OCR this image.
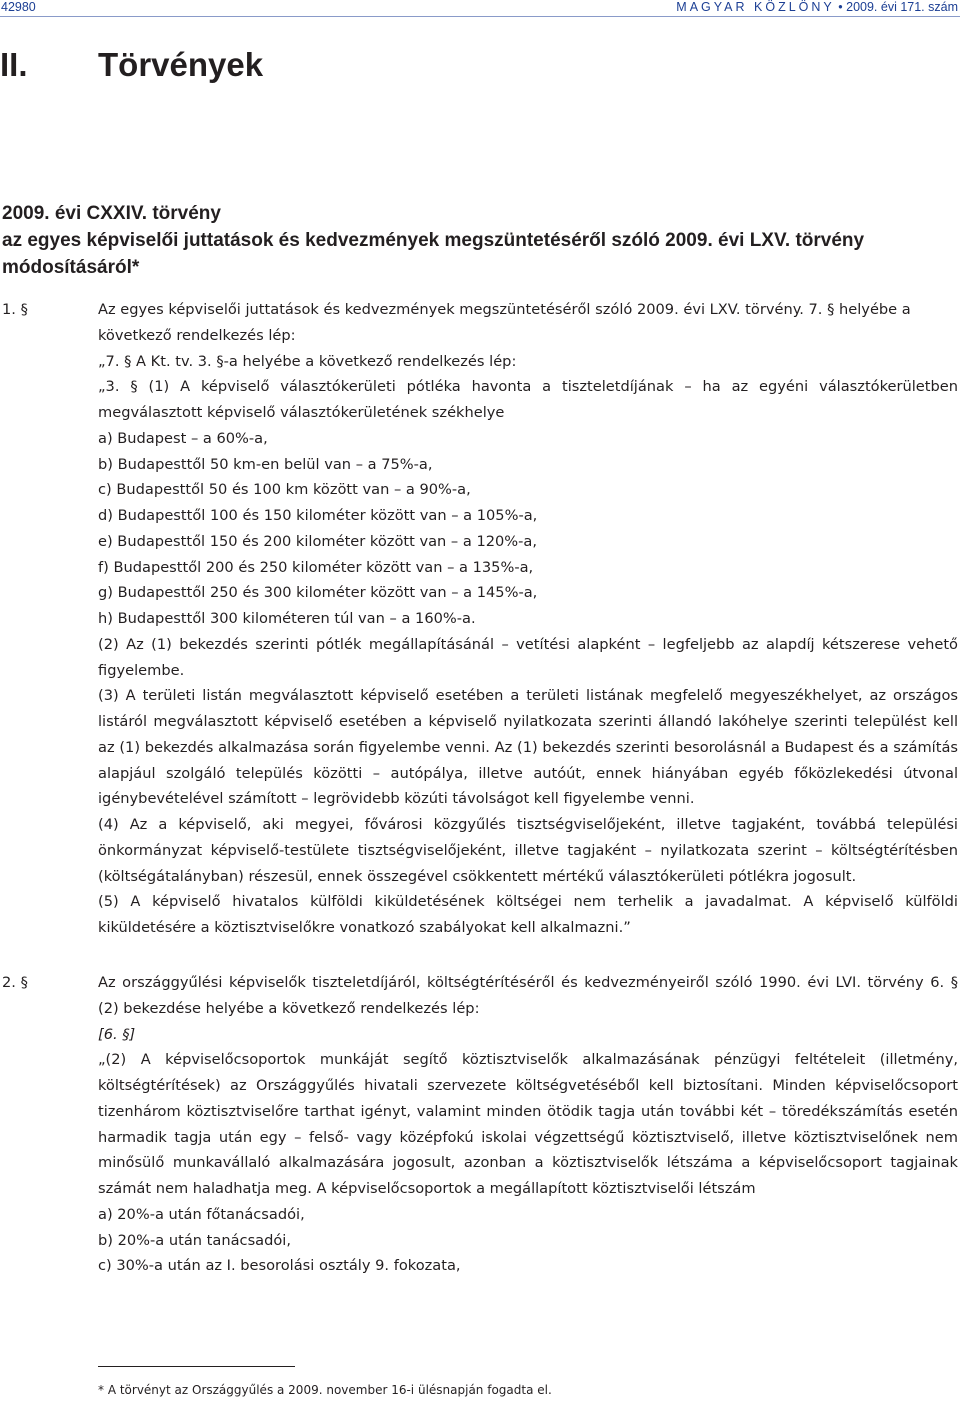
42980	MAGYAR KÖZLÖNY • 2009. évi 171. szám
II. Törvények
2009. évi CXXIV. törvény
az egyes képviselői juttatások és kedvezmények megszüntetéséről szóló 2009. évi LXV. törvény
módosításáról*
1. §	Az egyes képviselői juttatások és kedvezmények megszüntetéséről szóló 2009. évi LXV. törvény. 7. § helyébe a következő rendelkezés lép:

„7. § A Kt. tv. 3. §-a helyébe a következő rendelkezés lép:

„3. § (1) A képviselő választókerületi pótléka havonta a tiszteletdíjának – ha az egyéni választókerületben megválasztott képviselő választókerületének székhelye

a) Budapest – a 60%-a,
b) Budapesttől 50 km-en belül van – a 75%-a,
c) Budapesttől 50 és 100 km között van – a 90%-a,
d) Budapesttől 100 és 150 kilométer között van – a 105%-a,
e) Budapesttől 150 és 200 kilométer között van – a 120%-a,
f) Budapesttől 200 és 250 kilométer között van – a 135%-a,
g) Budapesttől 250 és 300 kilométer között van – a 145%-a,
h) Budapesttől 300 kilométeren túl van – a 160%-a.

(2) Az (1) bekezdés szerinti pótlék megállapításánál – vetítési alapként – legfeljebb az alapdíj kétszerese vehető figyelembe.

(3) A területi listán megválasztott képviselő esetében a területi listának megfelelő megyeszékhelyet, az országos listáról megválasztott képviselő esetében a képviselő nyilatkozata szerinti állandó lakóhelye szerinti települést kell az (1) bekezdés alkalmazása során figyelembe venni. Az (1) bekezdés szerinti besorolásnál a Budapest és a számítás alapjául szolgáló település közötti – autópálya, illetve autóút, ennek hiányában egyéb főközlekedési útvonal igénybevételével számított – legrövidebb közúti távolságot kell figyelembe venni.

(4) Az a képviselő, aki megyei, fővárosi közgyűlés tisztségviselőjeként, illetve tagjaként, továbbá települési önkormányzat képviselő-testülete tisztségviselőjeként, illetve tagjaként – nyilatkozata szerint – költségtérítésben (költségátalányban) részesül, ennek összegével csökkentett mértékű választókerületi pótlékra jogosult.

(5) A képviselő hivatalos külföldi kiküldetésének költségei nem terhelik a javadalmat. A képviselő külföldi kiküldetésére a köztisztviselőkre vonatkozó szabályokat kell alkalmazni.”

2. §	Az országgyűlési képviselők tiszteletdíjáról, költségtérítéséről és kedvezményeiről szóló 1990. évi LVI. törvény 6. § (2) bekezdése helyébe a következő rendelkezés lép:

[6. §]

„(2) A képviselőcsoportok munkáját segítő köztisztviselők alkalmazásának pénzügyi feltételeit (illetmény, költségtérítések) az Országgyűlés hivatali szervezete költségvetéséből kell biztosítani. Minden képviselőcsoport tizenhárom köztisztviselőre tarthat igényt, valamint minden ötödik tagja után további két – töredékszámítás esetén harmadik tagja után egy – felső- vagy középfokú iskolai végzettségű köztisztviselő, illetve köztisztviselőnek nem minősülő munkavállaló alkalmazására jogosult, azonban a köztisztviselők létszáma a képviselőcsoport tagjainak számát nem haladhatja meg. A képviselőcsoportok a megállapított köztisztviselői létszám

a) 20%-a után főtanácsadói,
b) 20%-a után tanácsadói,
c) 30%-a után az I. besorolási osztály 9. fokozata,
* A törvényt az Országgyűlés a 2009. november 16-i ülésnapján fogadta el.
